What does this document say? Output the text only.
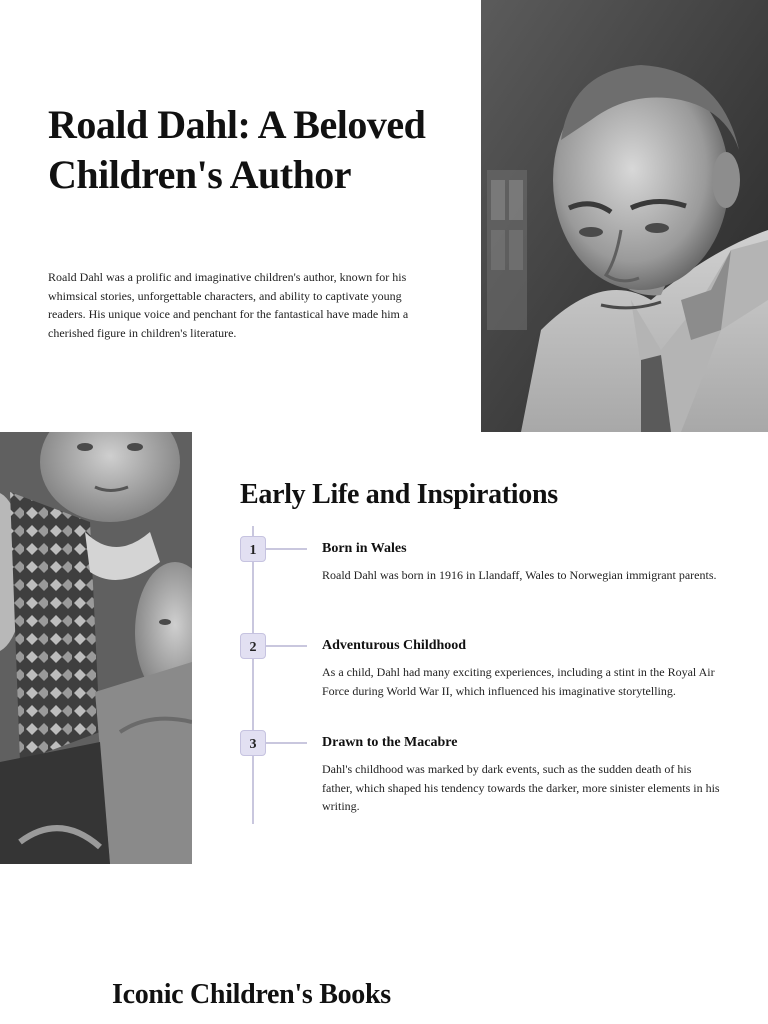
Roald Dahl: A Beloved Children's Author

Roald Dahl was a prolific and imaginative children's author, known for his whimsical stories, unforgettable characters, and ability to captivate young readers. His unique voice and penchant for the fantastical have made him a cherished figure in children's literature.

Early Life and Inspirations
1	Born in Wales

Roald Dahl was born in 1916 in Llandaff, Wales to Norwegian immigrant parents.

2	Adventurous Childhood

As a child, Dahl had many exciting experiences, including a stint in the Royal Air Force during World War II, which influenced his imaginative storytelling.

3	Drawn to the Macabre

Dahl's childhood was marked by dark events, such as the sudden death of his father, which shaped his tendency towards the darker, more sinister elements in his writing.

Iconic Children's Books
